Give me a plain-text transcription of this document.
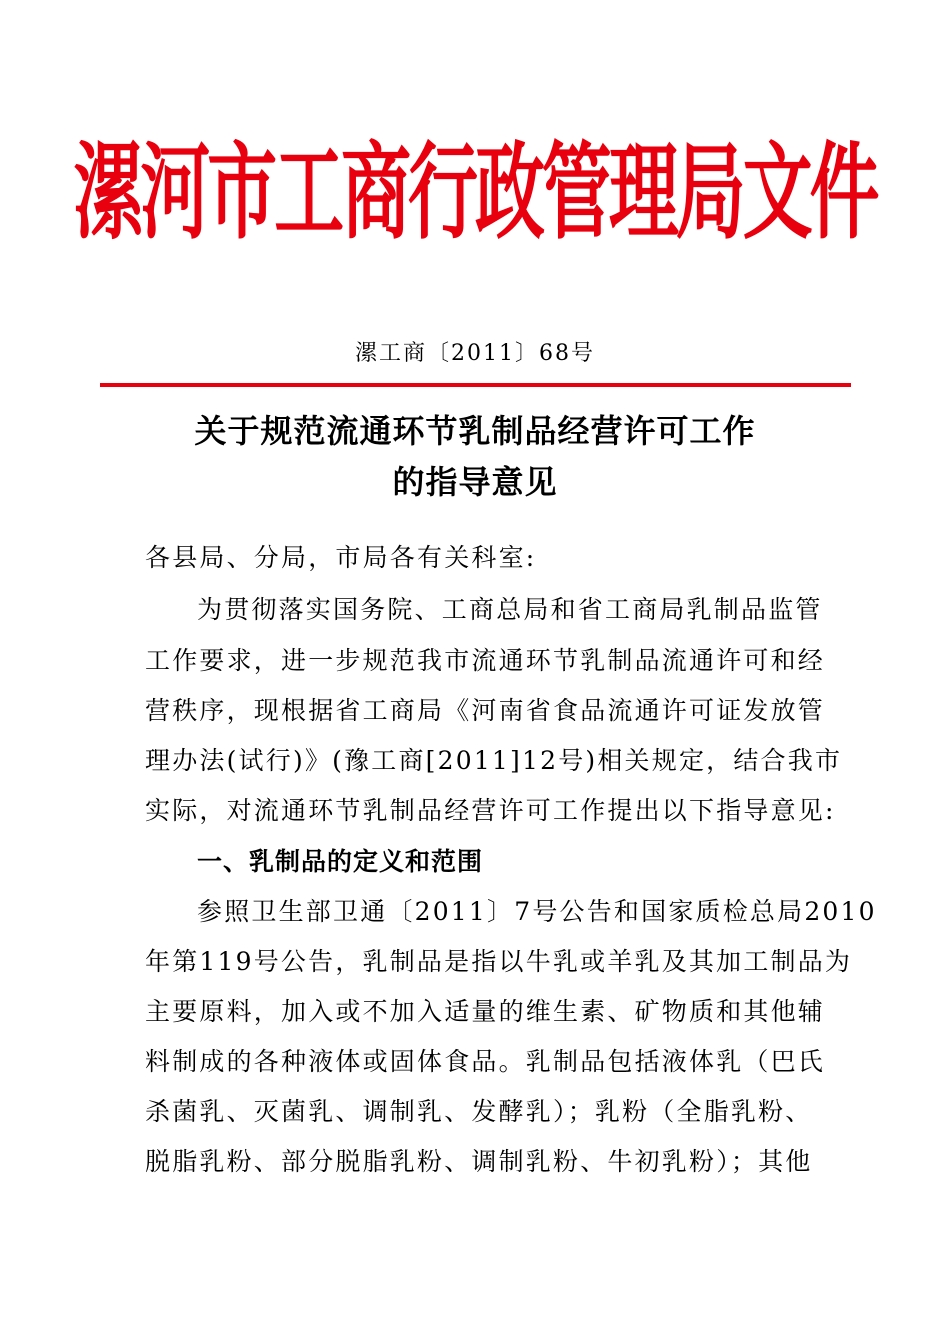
漯河市工商行政管理局文件
漯工商〔2011〕68号
关于规范流通环节乳制品经营许可工作
的指导意见
各县局、分局，市局各有关科室:
为贯彻落实国务院、工商总局和省工商局乳制品监管
工作要求，进一步规范我市流通环节乳制品流通许可和经
营秩序，现根据省工商局《河南省食品流通许可证发放管
理办法(试行)》(豫工商[2011]12号)相关规定，结合我市
实际，对流通环节乳制品经营许可工作提出以下指导意见:
一、乳制品的定义和范围
参照卫生部卫通〔2011〕7号公告和国家质检总局2010
年第119号公告，乳制品是指以牛乳或羊乳及其加工制品为
主要原料，加入或不加入适量的维生素、矿物质和其他辅
料制成的各种液体或固体食品。乳制品包括液体乳（巴氏
杀菌乳、灭菌乳、调制乳、发酵乳）；乳粉（全脂乳粉、
脱脂乳粉、部分脱脂乳粉、调制乳粉、牛初乳粉）；其他
